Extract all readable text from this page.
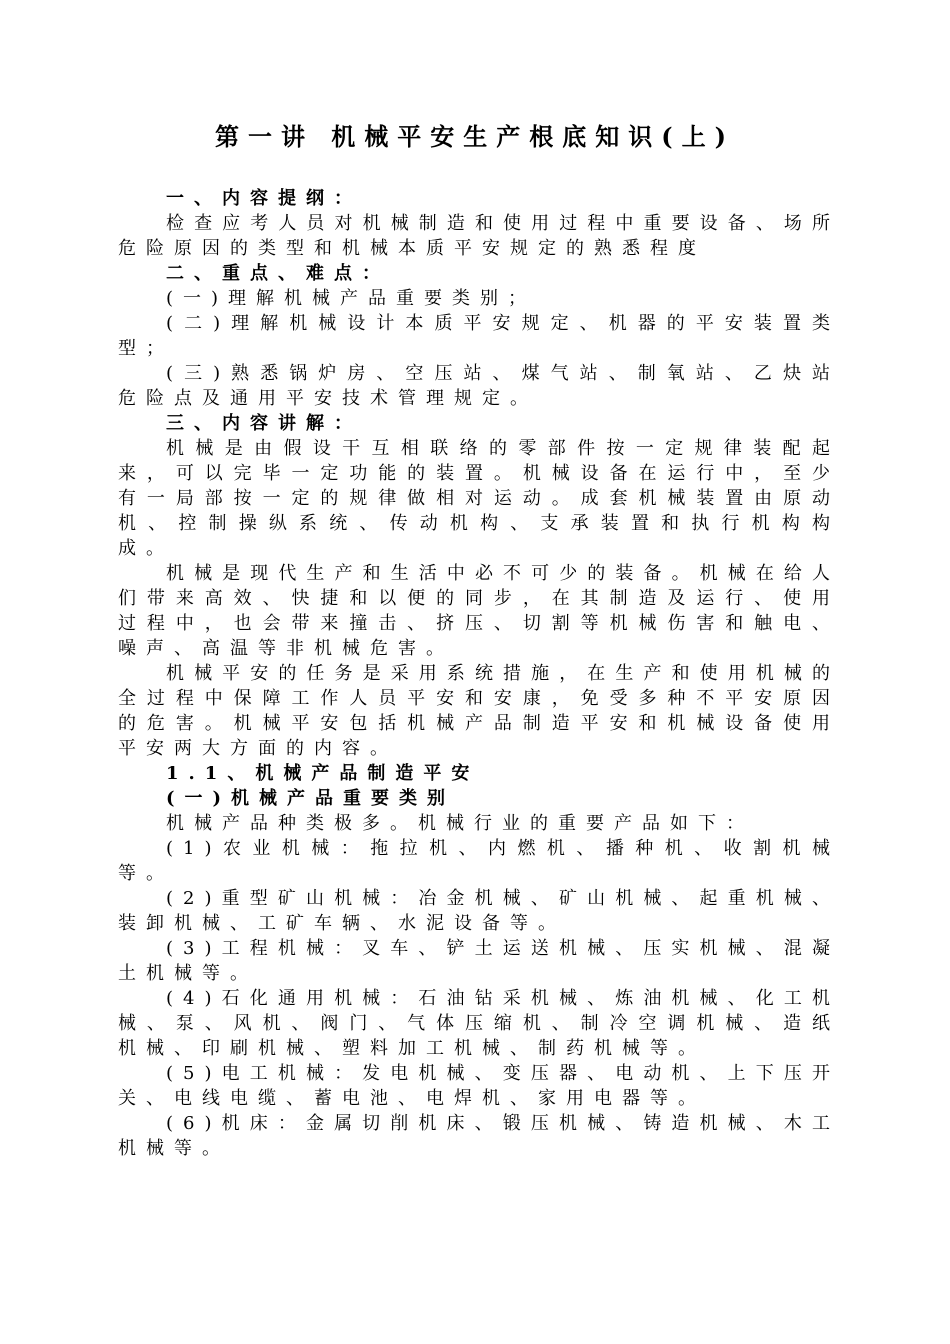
第一讲 机械平安生产根底知识(上)

一、内容提纲：

检查应考人员对机械制造和使用过程中重要设备、场所危险原因的类型和机械本质平安规定的熟悉程度

二、重点、难点：

(一)理解机械产品重要类别；

(二)理解机械设计本质平安规定、机器的平安装置类型；

(三)熟悉锅炉房、空压站、煤气站、制氧站、乙炔站危险点及通用平安技术管理规定。

三、内容讲解：

机械是由假设干互相联络的零部件按一定规律装配起来，可以完毕一定功能的装置。机械设备在运行中，至少有一局部按一定的规律做相对运动。成套机械装置由原动机、控制操纵系统、传动机构、支承装置和执行机构构成。

机械是现代生产和生活中必不可少的装备。机械在给人们带来高效、快捷和以便的同步，在其制造及运行、使用过程中，也会带来撞击、挤压、切割等机械伤害和触电、噪声、高温等非机械危害。

机械平安的任务是采用系统措施，在生产和使用机械的全过程中保障工作人员平安和安康，免受多种不平安原因的危害。机械平安包括机械产品制造平安和机械设备使用平安两大方面的内容。

1.1、机械产品制造平安

(一)机械产品重要类别

机械产品种类极多。机械行业的重要产品如下：

(1)农业机械：拖拉机、内燃机、播种机、收割机械等。

(2)重型矿山机械：冶金机械、矿山机械、起重机械、装卸机械、工矿车辆、水泥设备等。

(3)工程机械：叉车、铲土运送机械、压实机械、混凝土机械等。

(4)石化通用机械：石油钻采机械、炼油机械、化工机械、泵、风机、阀门、气体压缩机、制冷空调机械、造纸机械、印刷机械、塑料加工机械、制药机械等。

(5)电工机械：发电机械、变压器、电动机、上下压开关、电线电缆、蓄电池、电焊机、家用电器等。

(6)机床：金属切削机床、锻压机械、铸造机械、木工机械等。
